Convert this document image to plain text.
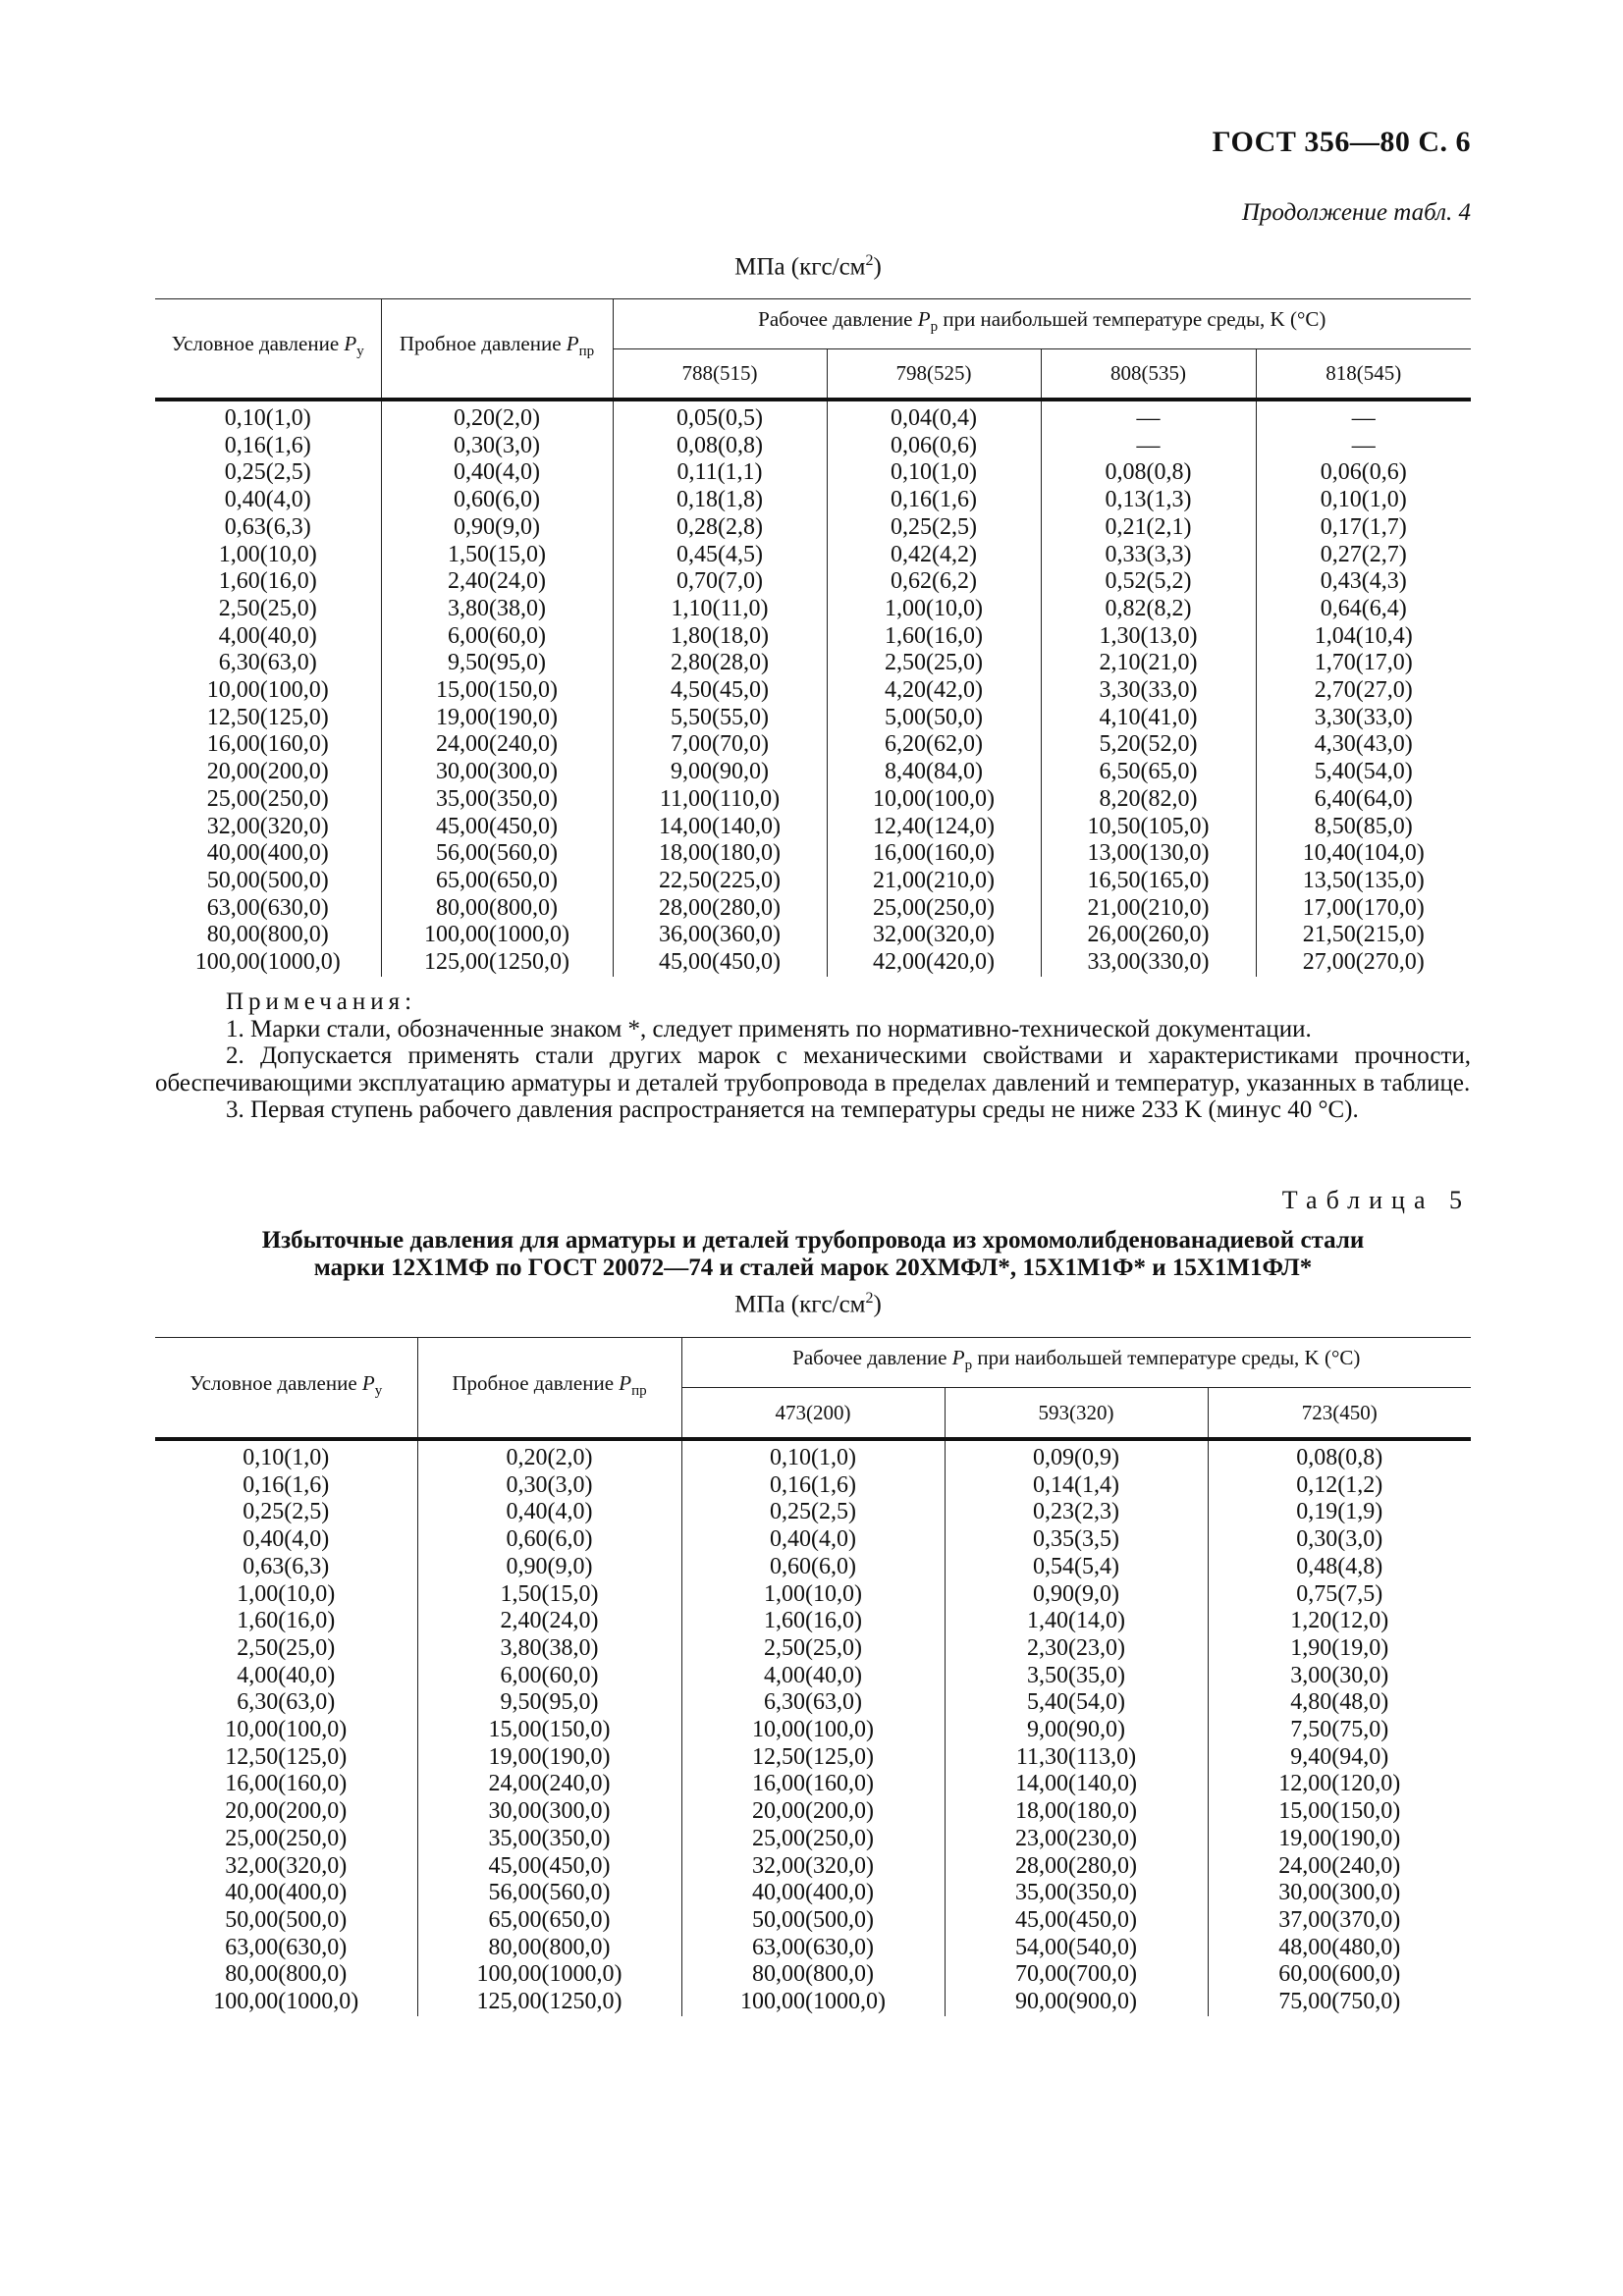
ГОСТ 356—80 С. 6
Продолжение табл. 4
МПа $(кгс/см^2)$
Условное давление $P_у$	Пробное давление $P_{пр}$	Рабочее давление $P_р$ при наибольшей температуре среды, K (°C)			
		788(515)	798(525)	808(535)	818(545)
0,10(1,0)	0,20(2,0)	0,05(0,5)	0,04(0,4)	—	—
0,16(1,6)	0,30(3,0)	0,08(0,8)	0,06(0,6)	—	—
0,25(2,5)	0,40(4,0)	0,11(1,1)	0,10(1,0)	0,08(0,8)	0,06(0,6)
0,40(4,0)	0,60(6,0)	0,18(1,8)	0,16(1,6)	0,13(1,3)	0,10(1,0)
0,63(6,3)	0,90(9,0)	0,28(2,8)	0,25(2,5)	0,21(2,1)	0,17(1,7)
1,00(10,0)	1,50(15,0)	0,45(4,5)	0,42(4,2)	0,33(3,3)	0,27(2,7)
1,60(16,0)	2,40(24,0)	0,70(7,0)	0,62(6,2)	0,52(5,2)	0,43(4,3)
2,50(25,0)	3,80(38,0)	1,10(11,0)	1,00(10,0)	0,82(8,2)	0,64(6,4)
4,00(40,0)	6,00(60,0)	1,80(18,0)	1,60(16,0)	1,30(13,0)	1,04(10,4)
6,30(63,0)	9,50(95,0)	2,80(28,0)	2,50(25,0)	2,10(21,0)	1,70(17,0)
10,00(100,0)	15,00(150,0)	4,50(45,0)	4,20(42,0)	3,30(33,0)	2,70(27,0)
12,50(125,0)	19,00(190,0)	5,50(55,0)	5,00(50,0)	4,10(41,0)	3,30(33,0)
16,00(160,0)	24,00(240,0)	7,00(70,0)	6,20(62,0)	5,20(52,0)	4,30(43,0)
20,00(200,0)	30,00(300,0)	9,00(90,0)	8,40(84,0)	6,50(65,0)	5,40(54,0)
25,00(250,0)	35,00(350,0)	11,00(110,0)	10,00(100,0)	8,20(82,0)	6,40(64,0)
32,00(320,0)	45,00(450,0)	14,00(140,0)	12,40(124,0)	10,50(105,0)	8,50(85,0)
40,00(400,0)	56,00(560,0)	18,00(180,0)	16,00(160,0)	13,00(130,0)	10,40(104,0)
50,00(500,0)	65,00(650,0)	22,50(225,0)	21,00(210,0)	16,50(165,0)	13,50(135,0)
63,00(630,0)	80,00(800,0)	28,00(280,0)	25,00(250,0)	21,00(210,0)	17,00(170,0)
80,00(800,0)	100,00(1000,0)	36,00(360,0)	32,00(320,0)	26,00(260,0)	21,50(215,0)
100,00(1000,0)	125,00(1250,0)	45,00(450,0)	42,00(420,0)	33,00(330,0)	27,00(270,0)
Примечания:

1. Марки стали, обозначенные знаком *, следует применять по нормативно-технической документации.

2. Допускается применять стали других марок с механическими свойствами и характеристиками прочности, обеспечивающими эксплуатацию арматуры и деталей трубопровода в пределах давлений и температур, указанных в таблице.

3. Первая ступень рабочего давления распространяется на температуры среды не ниже 233 K (минус 40 °C).

Таблица 5
Избыточные давления для арматуры и деталей трубопровода из хромомолибденованадиевой стали
марки 12Х1МФ по ГОСТ 20072—74 и сталей марок 20ХМФЛ*, 15Х1М1Ф* и 15Х1М1ФЛ*
МПа $(кгс/см^2)$
Условное давление $P_у$	Пробное давление $P_{пр}$	Рабочее давление $P_р$ при наибольшей температуре среды, K (°C)		
		473(200)	593(320)	723(450)
0,10(1,0)	0,20(2,0)	0,10(1,0)	0,09(0,9)	0,08(0,8)
0,16(1,6)	0,30(3,0)	0,16(1,6)	0,14(1,4)	0,12(1,2)
0,25(2,5)	0,40(4,0)	0,25(2,5)	0,23(2,3)	0,19(1,9)
0,40(4,0)	0,60(6,0)	0,40(4,0)	0,35(3,5)	0,30(3,0)
0,63(6,3)	0,90(9,0)	0,60(6,0)	0,54(5,4)	0,48(4,8)
1,00(10,0)	1,50(15,0)	1,00(10,0)	0,90(9,0)	0,75(7,5)
1,60(16,0)	2,40(24,0)	1,60(16,0)	1,40(14,0)	1,20(12,0)
2,50(25,0)	3,80(38,0)	2,50(25,0)	2,30(23,0)	1,90(19,0)
4,00(40,0)	6,00(60,0)	4,00(40,0)	3,50(35,0)	3,00(30,0)
6,30(63,0)	9,50(95,0)	6,30(63,0)	5,40(54,0)	4,80(48,0)
10,00(100,0)	15,00(150,0)	10,00(100,0)	9,00(90,0)	7,50(75,0)
12,50(125,0)	19,00(190,0)	12,50(125,0)	11,30(113,0)	9,40(94,0)
16,00(160,0)	24,00(240,0)	16,00(160,0)	14,00(140,0)	12,00(120,0)
20,00(200,0)	30,00(300,0)	20,00(200,0)	18,00(180,0)	15,00(150,0)
25,00(250,0)	35,00(350,0)	25,00(250,0)	23,00(230,0)	19,00(190,0)
32,00(320,0)	45,00(450,0)	32,00(320,0)	28,00(280,0)	24,00(240,0)
40,00(400,0)	56,00(560,0)	40,00(400,0)	35,00(350,0)	30,00(300,0)
50,00(500,0)	65,00(650,0)	50,00(500,0)	45,00(450,0)	37,00(370,0)
63,00(630,0)	80,00(800,0)	63,00(630,0)	54,00(540,0)	48,00(480,0)
80,00(800,0)	100,00(1000,0)	80,00(800,0)	70,00(700,0)	60,00(600,0)
100,00(1000,0)	125,00(1250,0)	100,00(1000,0)	90,00(900,0)	75,00(750,0)
